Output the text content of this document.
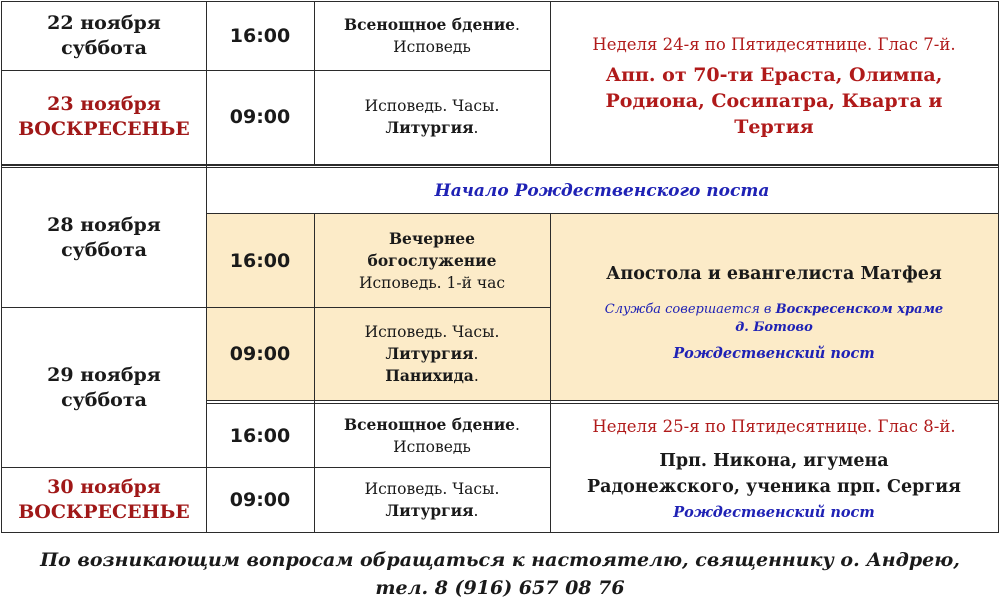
22 ноября
суббота
16:00
Всенощное бдение.
Исповедь
23 ноября
ВОСКРЕСЕНЬЕ
09:00	Исповедь. Часы.
Литургия.
Неделя 24-я по Пятидесятнице. Глас 7-й.
Апп. от 70-ти Ераста, Олимпа, Родиона, Сосипатра, Кварта и Тертия
28 ноября
суббота
Начало Рождественского поста
16:00
Вечернее
богослужение
Исповедь. 1-й час
29 ноября
суббота
09:00
Исповедь. Часы.
Литургия.
Панихида.
Апостола и евангелиста Матфея
Служба совершается в Воскресенском храме
д. Ботово
Рождественский пост
16:00
Всенощное бдение.
Исповедь
30 ноября
ВОСКРЕСЕНЬЕ
09:00	Исповедь. Часы.
Литургия.
Неделя 25-я по Пятидесятнице. Глас 8-й.
Прп. Никона, игумена
Радонежского, ученика прп. Сергия
Рождественский пост
По возникающим вопросам обращаться к настоятелю, священнику о. Андрею,
тел. 8 (916) 657 08 76
